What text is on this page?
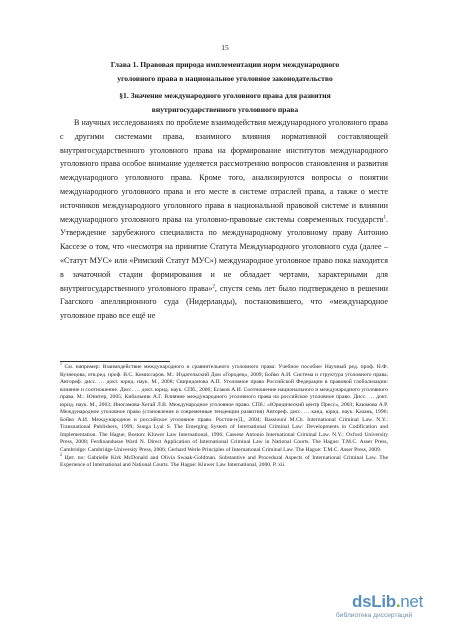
15
Глава 1. Правовая природа имплементации норм международного
уголовного права в национальное уголовное законодательство
§1. Значение международного уголовного права для развития
внутригосударственного уголовного права

В научных исследованиях по проблеме взаимодействия международного уголовного права с другими системами права, взаимного влияния нормативной составляющей внутригосударственного уголовного права на формирование институтов международного уголовного права особое внимание уделяется рассмотрению вопросов становления и развития международного уголовного права. Кроме того, анализируются вопросы о понятии международного уголовного права и его месте в системе отраслей права, а также о месте источников международного уголовного права в национальной правовой системе и влиянии международного уголовного права на уголовно-правовые системы современных государств$^1$. Утверждение зарубежного специалиста по международному уголовному праву Антонио Кассезе о том, что «несмотря на принятие Статута Международного уголовного суда (далее – «Статут МУС» или «Римский Статут МУС») международное уголовное право пока находится в зачаточной стадии формирования и не обладает чертами, характерными для внутригосударственного уголовного права»$^2$, спустя семь лет было подтверждено в решении Гаагского апелляционного суда (Нидерланды), постановившего, что «международное уголовное право все ещё не

$^1$ См. например: Взаимодействие международного и сравнительного уголовного права: Учебное пособие/ Научный ред. проф. Н.Ф. Кузнецова, отв.ред. проф. В.С. Комиссаров. М.: Издательский Дом «Городец», 2009; Бойко А.И. Система и структура уголовного права. Автореф. дисс. … докт. юрид. наук. М., 2008; Свиридонова А.П. Уголовное право Российской Федерации в правовой глобализации: влияние и соотношение. Дисс. … докт. юрид. наук. СПб., 2006; Есаков А.И. Соотношение национального и международного уголовного права. М.: Юнитер, 2005; Кибальник А.Г. Влияние международного уголовного права на российское уголовное право. Дисс. … докт. юрид. наук. М., 2003; Иногамова-Хегай Л.В. Международное уголовное право. СПб.: «Юридический центр Пресс», 2003; Каюмова А.Р. Международное уголовное право (становление и современные тенденции развития) Автореф. дисс. … канд. юрид. наук. Казань, 1996; Бойко А.И. Международное и российское уголовное право. Ростов-н/Д., 2004; Bassiouni M.Ch. International Criminal Law. N.Y.: Transnational Publishers, 1999; Sunga Lyal S. The Emerging System of International Criminal Law: Developments in Codification and Implementation. The Hague, Boston: Kluwer Law International, 1996; Cassese Antonio International Criminal Law. N.Y.: Oxford University Press, 2008; Ferdinandusse Ward N. Direct Application of International Criminal Law in National Courts. The Hague: T.M.C. Asser Press, Cambridge: Cambridge University Press, 2006; Gerhard Werle Principles of International Criminal Law. The Hague: T.M.C. Asser Press, 2009.

$^2$ Цит. по: Gabrielle Kirk McDonald and Olivia Swaak-Goldman. Substantive and Procedural Aspects of International Criminal Law. The Experience of International and National Courts. The Hague: Kluwer Law International, 2000. P. xii.

dsLib.net
библиотека диссертаций
